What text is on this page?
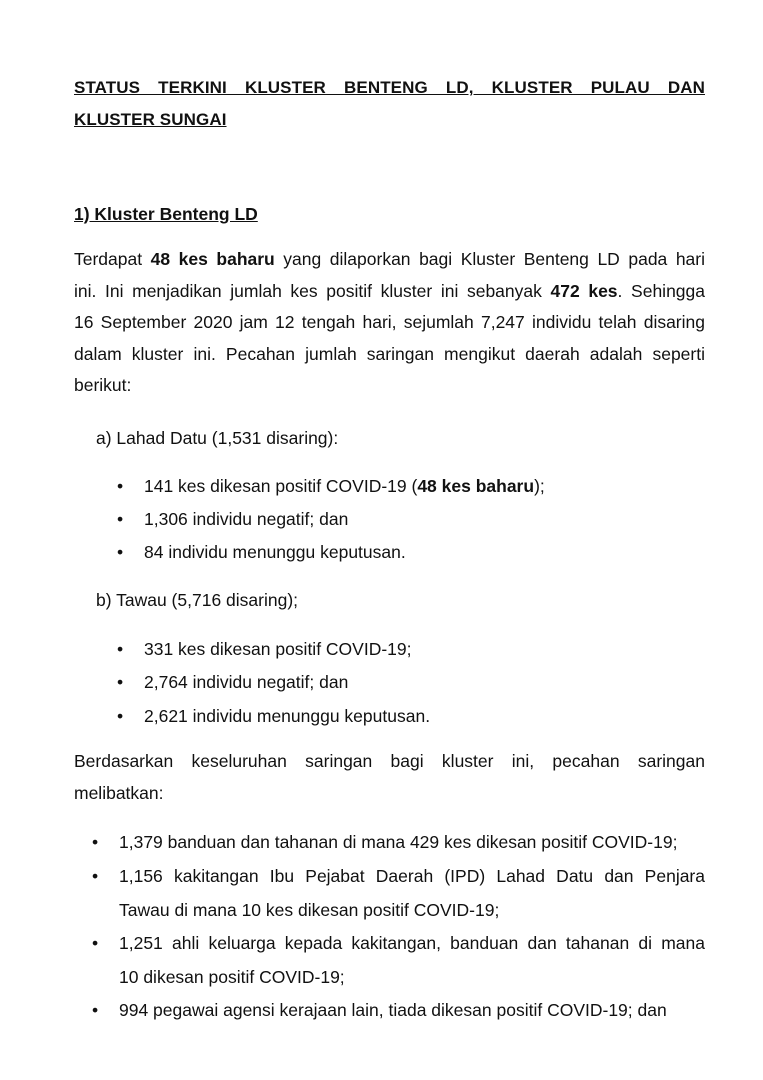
STATUS TERKINI KLUSTER BENTENG LD, KLUSTER PULAU DAN
KLUSTER SUNGAI
1) Kluster Benteng LD
Terdapat 48 kes baharu yang dilaporkan bagi Kluster Benteng LD pada hari
ini. Ini menjadikan jumlah kes positif kluster ini sebanyak 472 kes. Sehingga
16 September 2020 jam 12 tengah hari, sejumlah 7,247 individu telah disaring
dalam kluster ini. Pecahan jumlah saringan mengikut daerah adalah seperti
berikut:
a) Lahad Datu (1,531 disaring):
• 141 kes dikesan positif COVID-19 (48 kes baharu);
• 1,306 individu negatif; dan
• 84 individu menunggu keputusan.
b) Tawau (5,716 disaring);
• 331 kes dikesan positif COVID-19;
• 2,764 individu negatif; dan
• 2,621 individu menunggu keputusan.
Berdasarkan keseluruhan saringan bagi kluster ini, pecahan saringan
melibatkan:
• 1,379 banduan dan tahanan di mana 429 kes dikesan positif COVID-19;
• 1,156 kakitangan Ibu Pejabat Daerah (IPD) Lahad Datu dan Penjara
Tawau di mana 10 kes dikesan positif COVID-19;
• 1,251 ahli keluarga kepada kakitangan, banduan dan tahanan di mana
10 dikesan positif COVID-19;
• 994 pegawai agensi kerajaan lain, tiada dikesan positif COVID-19; dan
